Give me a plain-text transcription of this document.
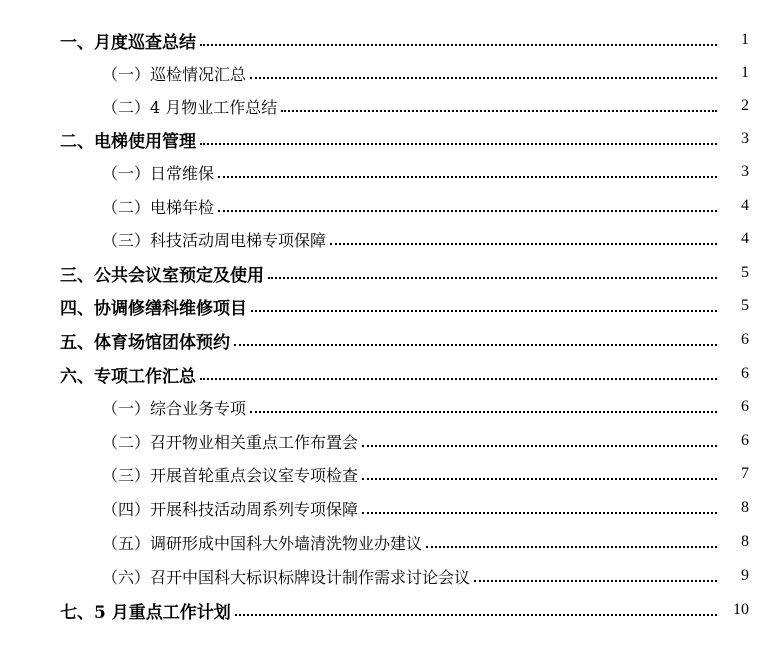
一、月度巡查总结	1
（一）巡检情况汇总	1
（二）4 月物业工作总结	2
二、电梯使用管理	3
（一）日常维保	3
（二）电梯年检	4
（三）科技活动周电梯专项保障	4
三、公共会议室预定及使用	5
四、协调修缮科维修项目	5
五、体育场馆团体预约	6
六、专项工作汇总	6
（一）综合业务专项	6
（二）召开物业相关重点工作布置会	6
（三）开展首轮重点会议室专项检查	7
（四）开展科技活动周系列专项保障	8
（五）调研形成中国科大外墙清洗物业办建议	8
（六）召开中国科大标识标牌设计制作需求讨论会议	9
七、5 月重点工作计划	10
